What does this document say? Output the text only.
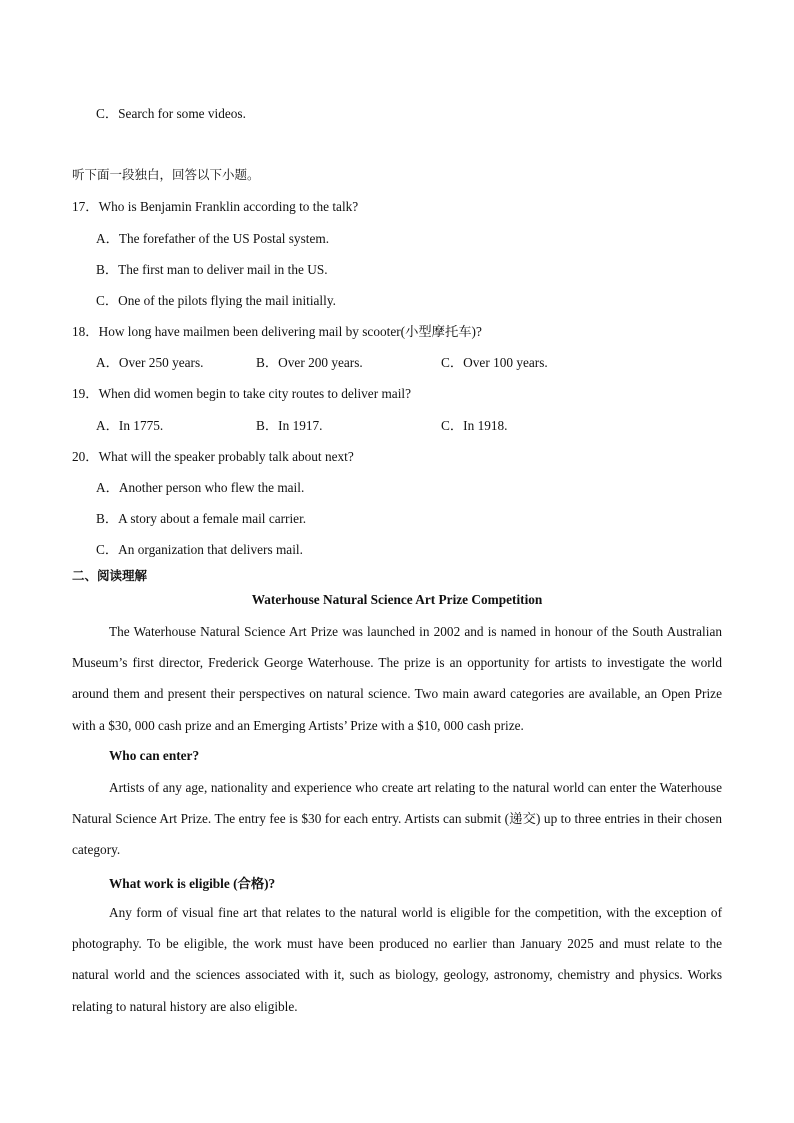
C．Search for some videos.
听下面一段独白，回答以下小题。
17．Who is Benjamin Franklin according to the talk?
A．The forefather of the US Postal system.
B．The first man to deliver mail in the US.
C．One of the pilots flying the mail initially.
18．How long have mailmen been delivering mail by scooter(小型摩托车)?
A．Over 250 years.	B．Over 200 years.	C．Over 100 years.
19．When did women begin to take city routes to deliver mail?
A．In 1775.	B．In 1917.	C．In 1918.
20．What will the speaker probably talk about next?
A．Another person who flew the mail.
B．A story about a female mail carrier.
C．An organization that delivers mail.
二、阅读理解
Waterhouse Natural Science Art Prize Competition
The Waterhouse Natural Science Art Prize was launched in 2002 and is named in honour of the South Australian Museum’s first director, Frederick George Waterhouse. The prize is an opportunity for artists to investigate the world around them and present their perspectives on natural science. Two main award categories are available, an Open Prize with a $30, 000 cash prize and an Emerging Artists’ Prize with a $10, 000 cash prize.
Who can enter?
Artists of any age, nationality and experience who create art relating to the natural world can enter the Waterhouse Natural Science Art Prize. The entry fee is $30 for each entry. Artists can submit (递交) up to three entries in their chosen category.
What work is eligible (合格)?
Any form of visual fine art that relates to the natural world is eligible for the competition, with the exception of photography. To be eligible, the work must have been produced no earlier than January 2025 and must relate to the natural world and the sciences associated with it, such as biology, geology, astronomy, chemistry and physics. Works relating to natural history are also eligible.
